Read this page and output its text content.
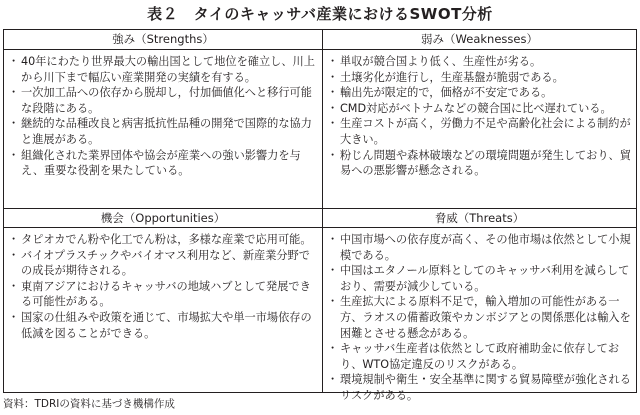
表２　タイのキャッサバ産業におけるSWOT分析
強み（Strengths）	弱み（Weaknesses）
・ 40年にわたり世界最大の輸出国として地位を確立し、川上から川下まで幅広い産業開発の実績を有する。
・ 一次加工品への依存から脱却し，付加価値化へと移行可能な段階にある。
・ 継続的な品種改良と病害抵抗性品種の開発で国際的な協力と進展がある。
・ 組織化された業界団体や協会が産業への強い影響力を与え、重要な役割を果たしている。
・ 単収が競合国より低く、生産性が劣る。
・ 土壌劣化が進行し，生産基盤が脆弱である。
・ 輸出先が限定的で，価格が不安定である。
・ CMD対応がベトナムなどの競合国に比べ遅れている。
・ 生産コストが高く，労働力不足や高齢化社会による制約が大きい。
・ 粉じん問題や森林破壊などの環境問題が発生しており、貿易への悪影響が懸念される。
機会（Opportunities）	脅威（Threats）
・ タピオカでん粉や化工でん粉は，多様な産業で応用可能。
・ バイオプラスチックやバイオマス利用など、新産業分野での成長が期待される。
・ 東南アジアにおけるキャッサバの地域ハブとして発展できる可能性がある。
・ 国家の仕組みや政策を通じて、市場拡大や単一市場依存の低減を図ることができる。
・ 中国市場への依存度が高く、その他市場は依然として小規模である。
・ 中国はエタノール原料としてのキャッサバ利用を減らしており、需要が減少している。
・ 生産拡大による原料不足で，輸入増加の可能性がある一方、ラオスの備蓄政策やカンボジアとの関係悪化は輸入を困難とさせる懸念がある。
・ キャッサバ生産者は依然として政府補助金に依存しており、WTO協定違反のリスクがある。
・ 環境規制や衛生・安全基準に関する貿易障壁が強化されるリスクがある。
資料：TDRIの資料に基づき機構作成
